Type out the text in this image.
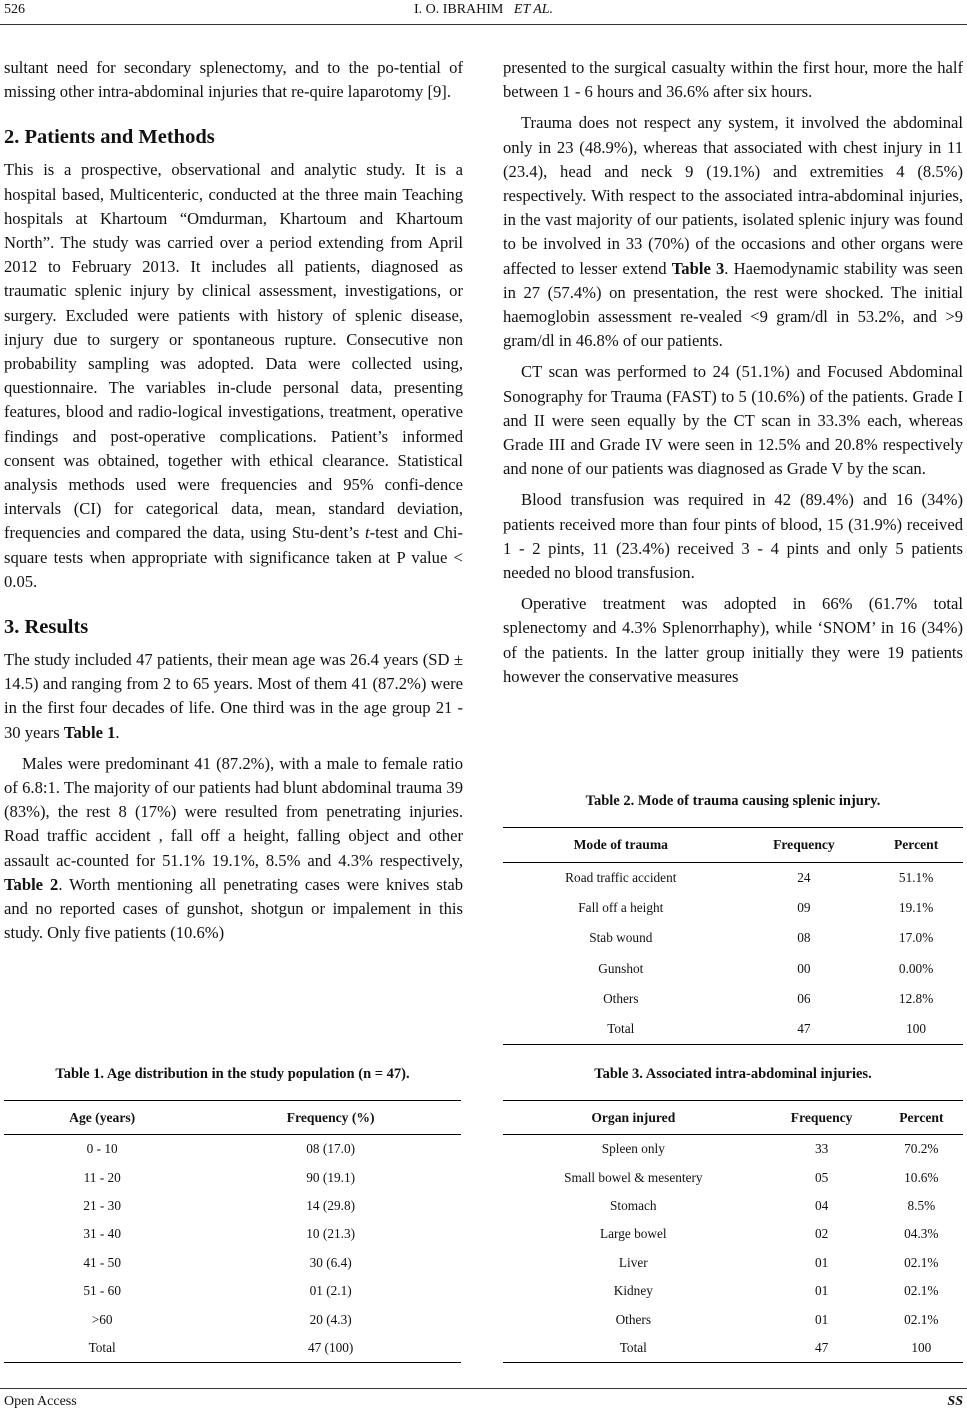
526	I. O. IBRAHIM ET AL.

sultant need for secondary splenectomy, and to the po-tential of missing other intra-abdominal injuries that re-quire laparotomy [9].

2. Patients and Methods

This is a prospective, observational and analytic study. It is a hospital based, Multicenteric, conducted at the three main Teaching hospitals at Khartoum “Omdurman, Khartoum and Khartoum North”. The study was carried over a period extending from April 2012 to February 2013. It includes all patients, diagnosed as traumatic splenic injury by clinical assessment, investigations, or surgery. Excluded were patients with history of splenic disease, injury due to surgery or spontaneous rupture. Consecutive non probability sampling was adopted. Data were collected using, questionnaire. The variables in-clude personal data, presenting features, blood and radio-logical investigations, treatment, operative findings and post-operative complications. Patient’s informed consent was obtained, together with ethical clearance. Statistical analysis methods used were frequencies and 95% confi-dence intervals (CI) for categorical data, mean, standard deviation, frequencies and compared the data, using Stu-dent’s t-test and Chi-square tests when appropriate with significance taken at P value < 0.05.

3. Results

The study included 47 patients, their mean age was 26.4 years (SD ± 14.5) and ranging from 2 to 65 years. Most of them 41 (87.2%) were in the first four decades of life. One third was in the age group 21 - 30 years Table 1.

Males were predominant 41 (87.2%), with a male to female ratio of 6.8:1. The majority of our patients had blunt abdominal trauma 39 (83%), the rest 8 (17%) were resulted from penetrating injuries. Road traffic accident , fall off a height, falling object and other assault ac-counted for 51.1% 19.1%, 8.5% and 4.3% respectively, Table 2. Worth mentioning all penetrating cases were knives stab and no reported cases of gunshot, shotgun or impalement in this study. Only five patients (10.6%)

presented to the surgical casualty within the first hour, more the half between 1 - 6 hours and 36.6% after six hours.

Trauma does not respect any system, it involved the abdominal only in 23 (48.9%), whereas that associated with chest injury in 11 (23.4), head and neck 9 (19.1%) and extremities 4 (8.5%) respectively. With respect to the associated intra-abdominal injuries, in the vast majority of our patients, isolated splenic injury was found to be involved in 33 (70%) of the occasions and other organs were affected to lesser extend Table 3. Haemodynamic stability was seen in 27 (57.4%) on presentation, the rest were shocked. The initial haemoglobin assessment re-vealed <9 gram/dl in 53.2%, and >9 gram/dl in 46.8% of our patients.

CT scan was performed to 24 (51.1%) and Focused Abdominal Sonography for Trauma (FAST) to 5 (10.6%) of the patients. Grade I and II were seen equally by the CT scan in 33.3% each, whereas Grade III and Grade IV were seen in 12.5% and 20.8% respectively and none of our patients was diagnosed as Grade V by the scan.

Blood transfusion was required in 42 (89.4%) and 16 (34%) patients received more than four pints of blood, 15 (31.9%) received 1 - 2 pints, 11 (23.4%) received 3 - 4 pints and only 5 patients needed no blood transfusion.

Operative treatment was adopted in 66% (61.7% total splenectomy and 4.3% Splenorrhaphy), while ‘SNOM’ in 16 (34%) of the patients. In the latter group initially they were 19 patients however the conservative measures

Table 2. Mode of trauma causing splenic injury.
Mode of trauma	Frequency	Percent
Road traffic accident	24	51.1%
Fall off a height	09	19.1%
Stab wound	08	17.0%
Gunshot	00	0.00%
Others	06	12.8%
Total	47	100
Table 1. Age distribution in the study population (n = 47).
Age (years)	Frequency (%)
0 - 10	08 (17.0)
11 - 20	90 (19.1)
21 - 30	14 (29.8)
31 - 40	10 (21.3)
41 - 50	30 (6.4)
51 - 60	01 (2.1)
>60	20 (4.3)
Total	47 (100)
Table 3. Associated intra-abdominal injuries.
Organ injured	Frequency	Percent
Spleen only	33	70.2%
Small bowel & mesentery	05	10.6%
Stomach	04	8.5%
Large bowel	02	04.3%
Liver	01	02.1%
Kidney	01	02.1%
Others	01	02.1%
Total	47	100
Open Access	SS
